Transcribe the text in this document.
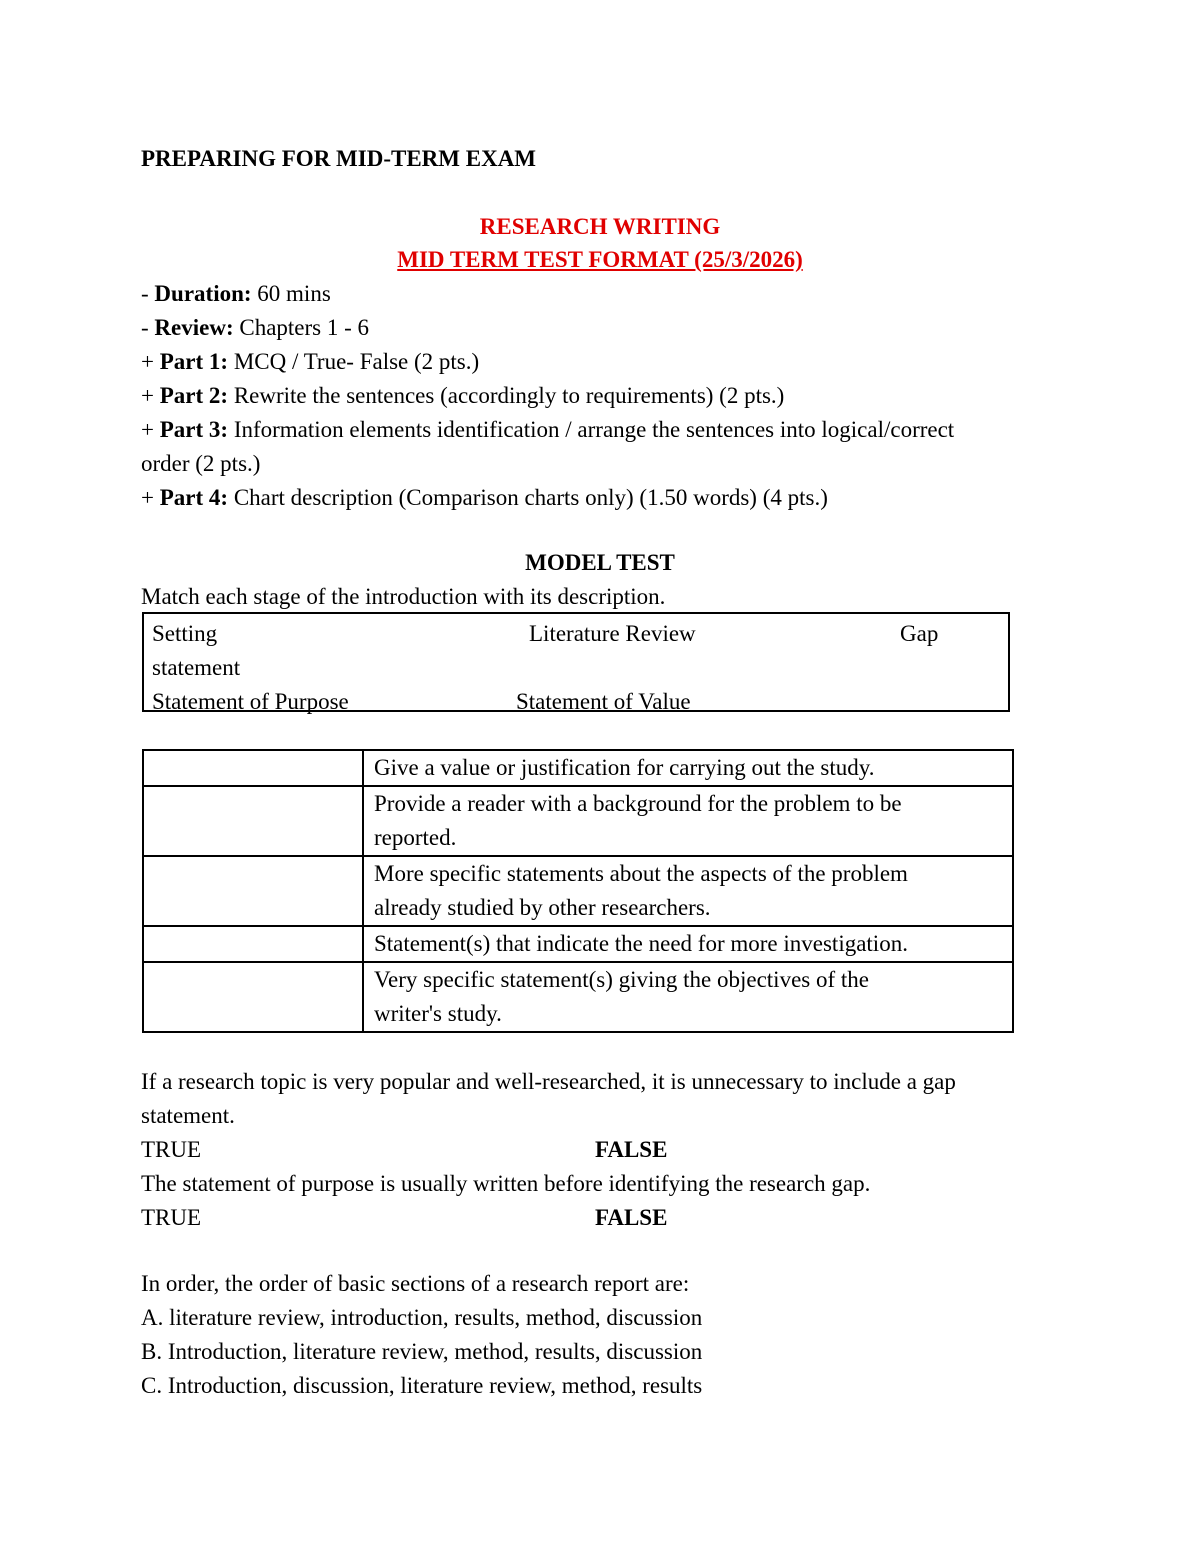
PREPARING FOR MID-TERM EXAM
RESEARCH WRITING
MID TERM TEST FORMAT (25/3/2026)
- Duration: 60 mins
- Review: Chapters 1 - 6
+ Part 1: MCQ / True- False (2 pts.)
+ Part 2: Rewrite the sentences (accordingly to requirements) (2 pts.)
+ Part 3: Information elements identification / arrange the sentences into logical/correct
order (2 pts.)
+ Part 4: Chart description (Comparison charts only) (1.50 words) (4 pts.)
MODEL TEST
Match each stage of the introduction with its description.
Setting	Literature Review	Gap
statement
Statement of Purpose	Statement of Value
	Give a value or justification for carrying out the study.
	Provide a reader with a background for the problem to be
reported.
	More specific statements about the aspects of the problem
already studied by other researchers.
	Statement(s) that indicate the need for more investigation.
	Very specific statement(s) giving the objectives of the
writer's study.
If a research topic is very popular and well-researched, it is unnecessary to include a gap
statement.
TRUE	FALSE
The statement of purpose is usually written before identifying the research gap.
TRUE	FALSE
In order, the order of basic sections of a research report are:
A. literature review, introduction, results, method, discussion
B. Introduction, literature review, method, results, discussion
C. Introduction, discussion, literature review, method, results
